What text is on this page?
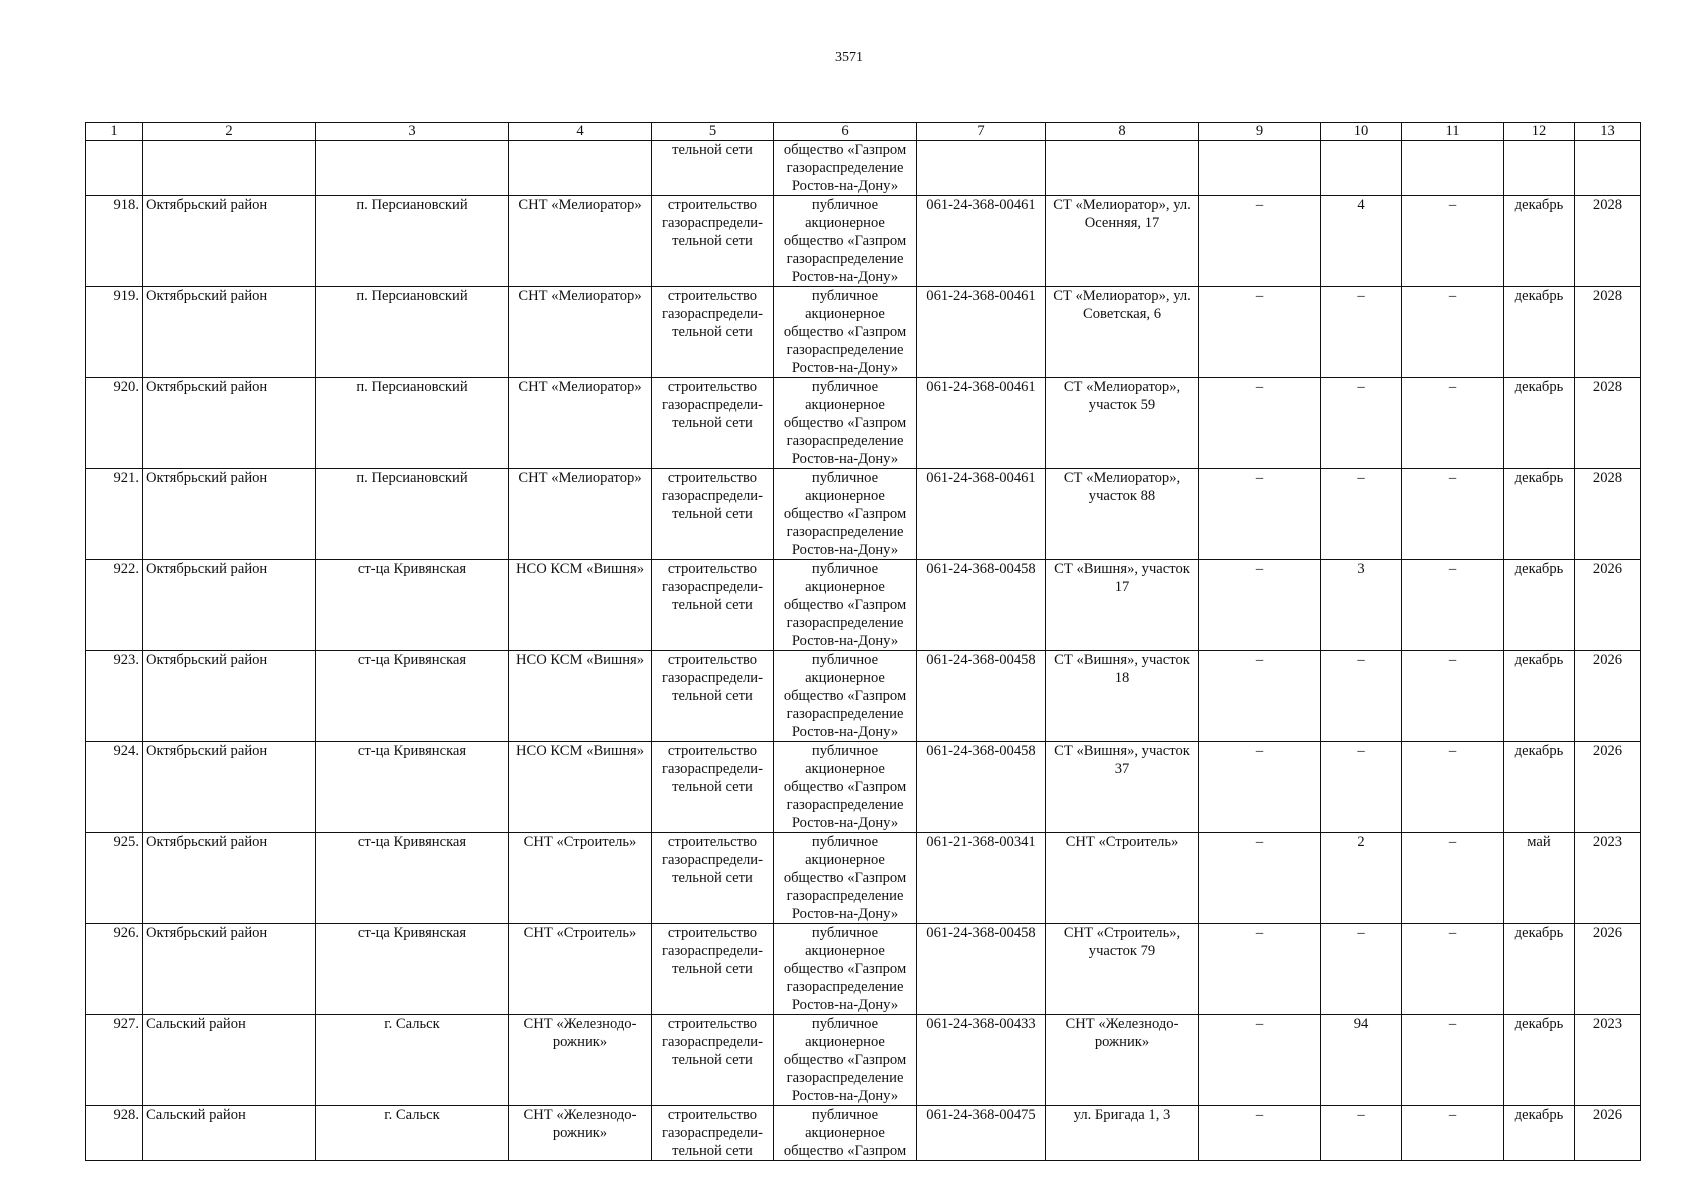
3571
1	2	3	4	5	6	7	8	9	10	11	12	13
				тельной сети	общество «Газпром газораспределение Ростов-на-Дону»							
918.	Октябрьский район	п. Персиановский	СНТ «Мелиоратор»	строительство газораспредели-тельной сети	публичное акционерное общество «Газпром газораспределение Ростов-на-Дону»	061-24-368-00461	СТ «Мелиоратор», ул. Осенняя, 17	–	4	–	декабрь	2028
919.	Октябрьский район	п. Персиановский	СНТ «Мелиоратор»	строительство газораспредели-тельной сети	публичное акционерное общество «Газпром газораспределение Ростов-на-Дону»	061-24-368-00461	СТ «Мелиоратор», ул. Советская, 6	–	–	–	декабрь	2028
920.	Октябрьский район	п. Персиановский	СНТ «Мелиоратор»	строительство газораспредели-тельной сети	публичное акционерное общество «Газпром газораспределение Ростов-на-Дону»	061-24-368-00461	СТ «Мелиоратор», участок 59	–	–	–	декабрь	2028
921.	Октябрьский район	п. Персиановский	СНТ «Мелиоратор»	строительство газораспредели-тельной сети	публичное акционерное общество «Газпром газораспределение Ростов-на-Дону»	061-24-368-00461	СТ «Мелиоратор», участок 88	–	–	–	декабрь	2028
922.	Октябрьский район	ст-ца Кривянская	НСО КСМ «Вишня»	строительство газораспредели-тельной сети	публичное акционерное общество «Газпром газораспределение Ростов-на-Дону»	061-24-368-00458	СТ «Вишня», участок 17	–	3	–	декабрь	2026
923.	Октябрьский район	ст-ца Кривянская	НСО КСМ «Вишня»	строительство газораспредели-тельной сети	публичное акционерное общество «Газпром газораспределение Ростов-на-Дону»	061-24-368-00458	СТ «Вишня», участок 18	–	–	–	декабрь	2026
924.	Октябрьский район	ст-ца Кривянская	НСО КСМ «Вишня»	строительство газораспредели-тельной сети	публичное акционерное общество «Газпром газораспределение Ростов-на-Дону»	061-24-368-00458	СТ «Вишня», участок 37	–	–	–	декабрь	2026
925.	Октябрьский район	ст-ца Кривянская	СНТ «Строитель»	строительство газораспредели-тельной сети	публичное акционерное общество «Газпром газораспределение Ростов-на-Дону»	061-21-368-00341	СНТ «Строитель»	–	2	–	май	2023
926.	Октябрьский район	ст-ца Кривянская	СНТ «Строитель»	строительство газораспредели-тельной сети	публичное акционерное общество «Газпром газораспределение Ростов-на-Дону»	061-24-368-00458	СНТ «Строитель», участок 79	–	–	–	декабрь	2026
927.	Сальский район	г. Сальск	СНТ «Железнодо-рожник»	строительство газораспредели-тельной сети	публичное акционерное общество «Газпром газораспределение Ростов-на-Дону»	061-24-368-00433	СНТ «Железнодо-рожник»	–	94	–	декабрь	2023
928.	Сальский район	г. Сальск	СНТ «Железнодо-рожник»	строительство газораспредели-тельной сети	публичное акционерное общество «Газпром	061-24-368-00475	ул. Бригада 1, 3	–	–	–	декабрь	2026
